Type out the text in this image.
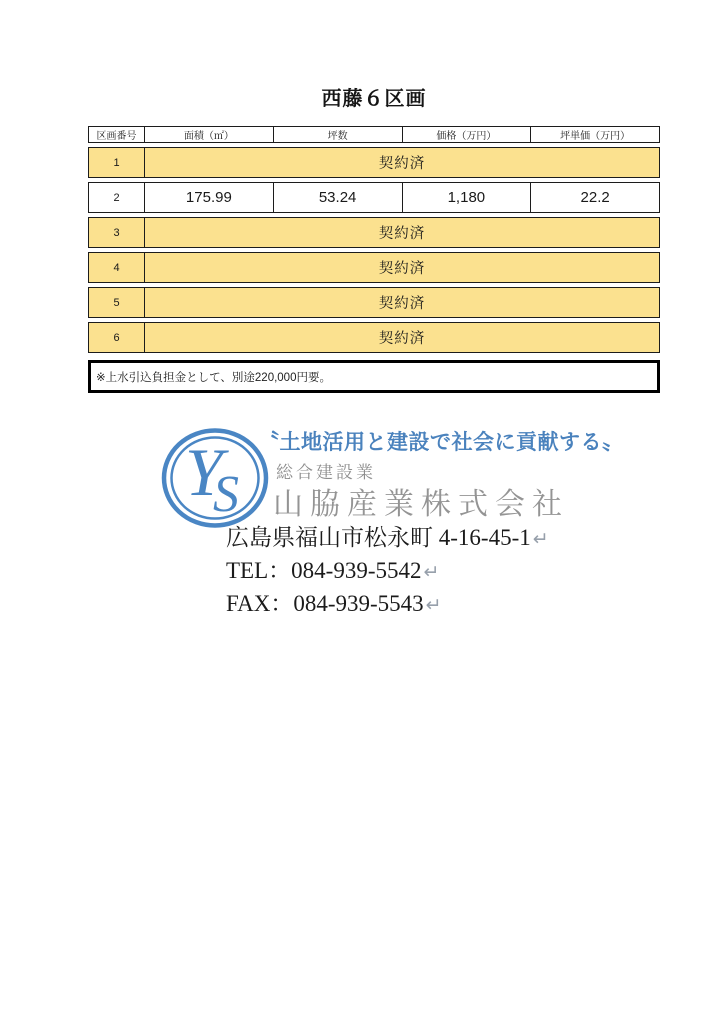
西藤６区画
区画番号	面積（㎡）	坪数	価格（万円）	坪単価（万円）
1	契約済
2	175.99	53.24	1,180	22.2
3	契約済
4	契約済
5	契約済
6	契約済
※上水引込負担金として、別途220,000円要。
Y
S
〝土地活用と建設で社会に貢献する〟
総合建設業
山脇産業株式会社
広島県福山市松永町 4-16-45-1 ↵
TEL：084-939-5542 ↵
FAX：084-939-5543 ↵
